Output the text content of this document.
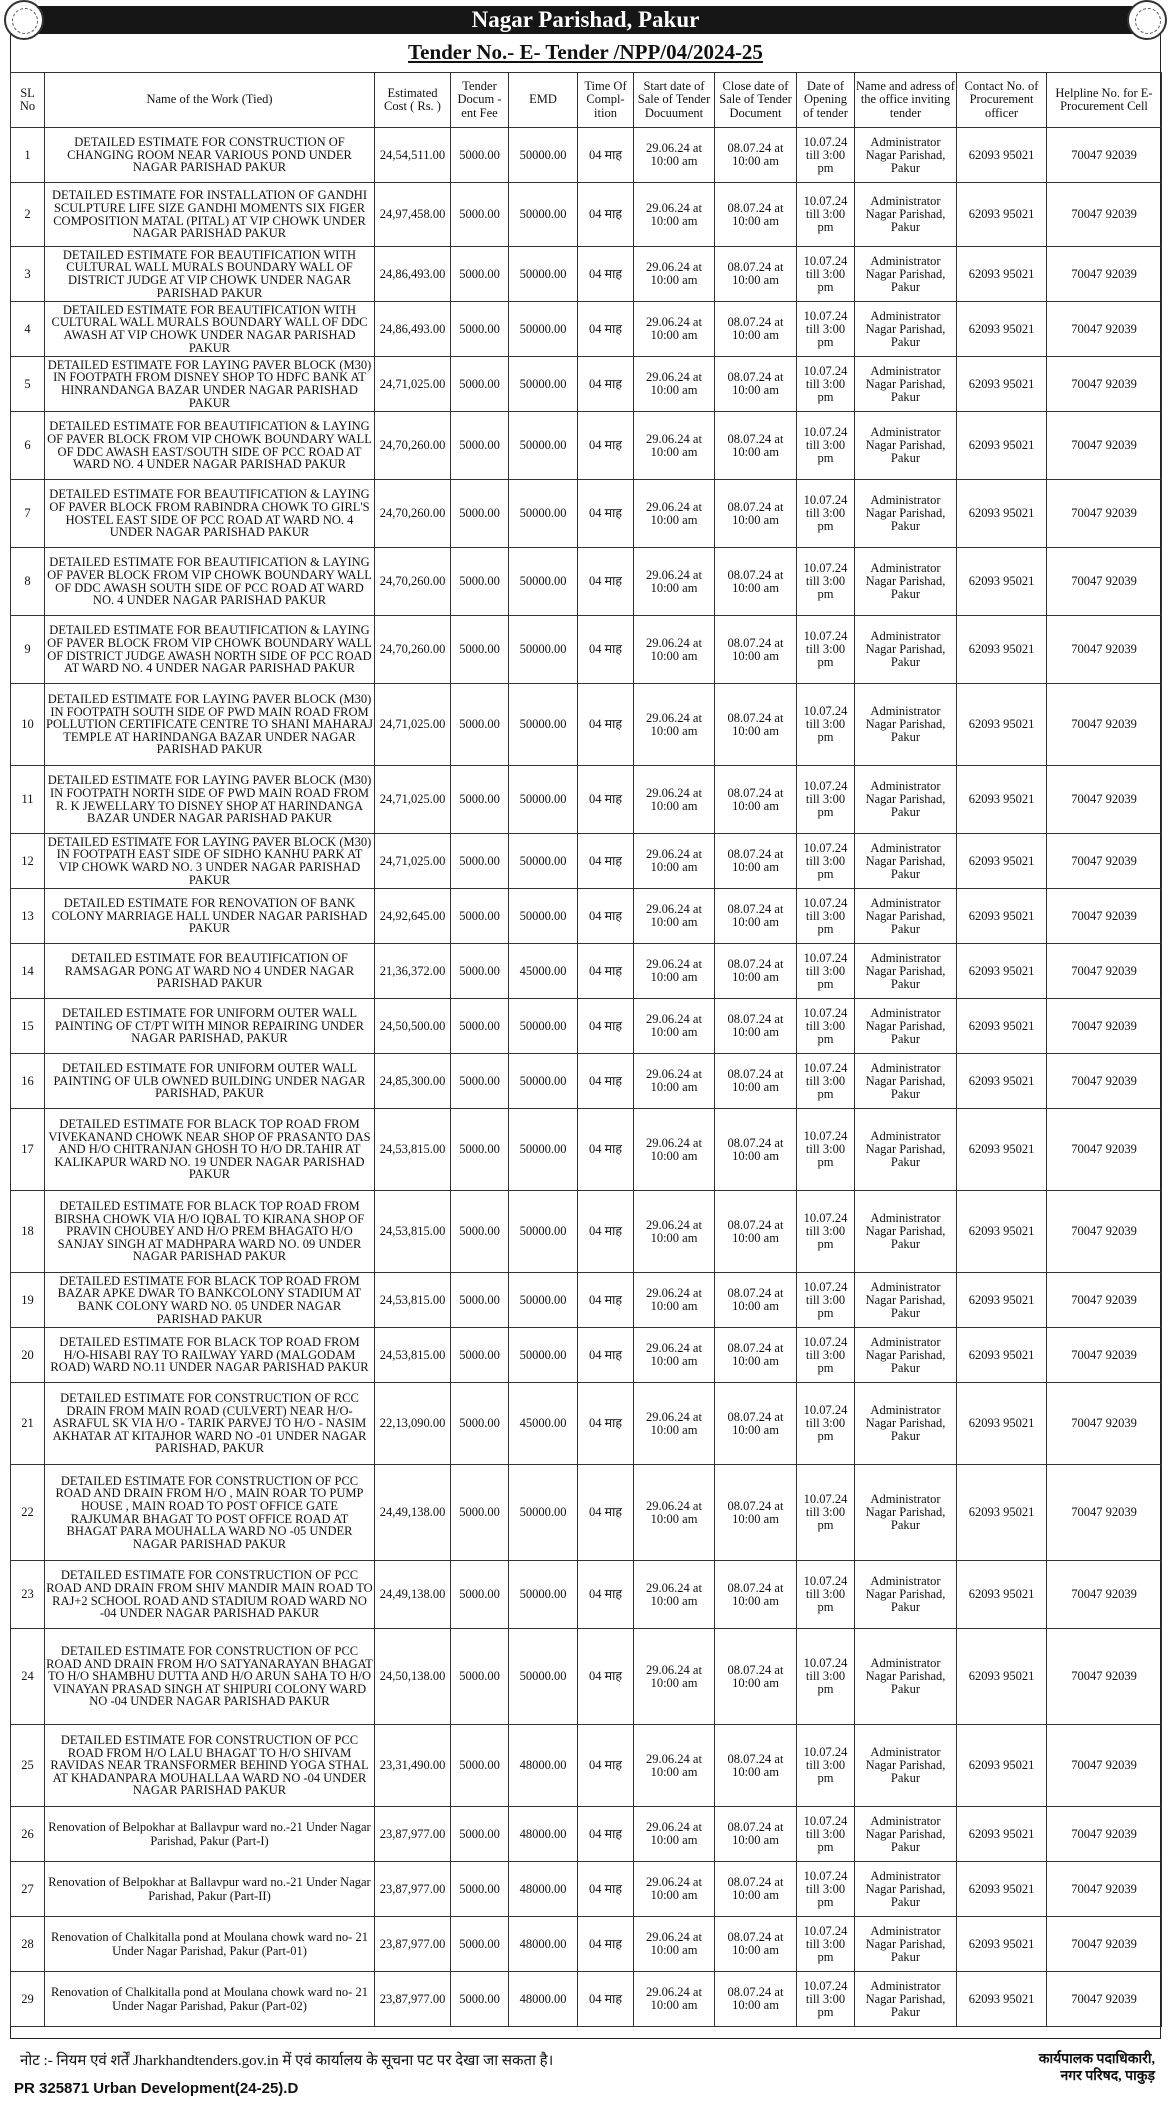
Nagar Parishad, Pakur
Tender No.- E- Tender /NPP/04/2024-25
SL No	Name of the Work (Tied)	Estimated Cost ( Rs. )	Tender Docum -ent Fee	EMD	Time Of Compl- ition	Start date of Sale of Tender Docuument	Close date of Sale of Tender Document	Date of Opening of tender	Name and adress of the office inviting tender	Contact No. of Procurement officer	Helpline No. for E- Procurement Cell
1	DETAILED ESTIMATE FOR CONSTRUCTION OF CHANGING ROOM NEAR VARIOUS POND UNDER NAGAR PARISHAD PAKUR	24,54,511.00	5000.00	50000.00	04 माह	29.06.24 at 10:00 am	08.07.24 at 10:00 am	10.07.24 till 3:00 pm	Administrator Nagar Parishad, Pakur	62093 95021	70047 92039
2	DETAILED ESTIMATE FOR INSTALLATION OF GANDHI SCULPTURE LIFE SIZE GANDHI MOMENTS SIX FIGER COMPOSITION MATAL (PITAL) AT VIP CHOWK UNDER NAGAR PARISHAD PAKUR	24,97,458.00	5000.00	50000.00	04 माह	29.06.24 at 10:00 am	08.07.24 at 10:00 am	10.07.24 till 3:00 pm	Administrator Nagar Parishad, Pakur	62093 95021	70047 92039
3	DETAILED ESTIMATE FOR BEAUTIFICATION WITH CULTURAL WALL MURALS BOUNDARY WALL OF DISTRICT JUDGE AT VIP CHOWK UNDER NAGAR PARISHAD PAKUR	24,86,493.00	5000.00	50000.00	04 माह	29.06.24 at 10:00 am	08.07.24 at 10:00 am	10.07.24 till 3:00 pm	Administrator Nagar Parishad, Pakur	62093 95021	70047 92039
4	DETAILED ESTIMATE FOR BEAUTIFICATION WITH CULTURAL WALL MURALS BOUNDARY WALL OF DDC AWASH AT VIP CHOWK UNDER NAGAR PARISHAD PAKUR	24,86,493.00	5000.00	50000.00	04 माह	29.06.24 at 10:00 am	08.07.24 at 10:00 am	10.07.24 till 3:00 pm	Administrator Nagar Parishad, Pakur	62093 95021	70047 92039
5	DETAILED ESTIMATE FOR LAYING PAVER BLOCK (M30) IN FOOTPATH FROM DISNEY SHOP TO HDFC BANK AT HINRANDANGA BAZAR UNDER NAGAR PARISHAD PAKUR	24,71,025.00	5000.00	50000.00	04 माह	29.06.24 at 10:00 am	08.07.24 at 10:00 am	10.07.24 till 3:00 pm	Administrator Nagar Parishad, Pakur	62093 95021	70047 92039
6	DETAILED ESTIMATE FOR BEAUTIFICATION & LAYING OF PAVER BLOCK FROM VIP CHOWK BOUNDARY WALL OF DDC AWASH EAST/SOUTH SIDE OF PCC ROAD AT WARD NO. 4 UNDER NAGAR PARISHAD PAKUR	24,70,260.00	5000.00	50000.00	04 माह	29.06.24 at 10:00 am	08.07.24 at 10:00 am	10.07.24 till 3:00 pm	Administrator Nagar Parishad, Pakur	62093 95021	70047 92039
7	DETAILED ESTIMATE FOR BEAUTIFICATION & LAYING OF PAVER BLOCK FROM RABINDRA CHOWK TO GIRL'S HOSTEL EAST SIDE OF PCC ROAD AT WARD NO. 4 UNDER NAGAR PARISHAD PAKUR	24,70,260.00	5000.00	50000.00	04 माह	29.06.24 at 10:00 am	08.07.24 at 10:00 am	10.07.24 till 3:00 pm	Administrator Nagar Parishad, Pakur	62093 95021	70047 92039
8	DETAILED ESTIMATE FOR BEAUTIFICATION & LAYING OF PAVER BLOCK FROM VIP CHOWK BOUNDARY WALL OF DDC AWASH SOUTH SIDE OF PCC ROAD AT WARD NO. 4 UNDER NAGAR PARISHAD PAKUR	24,70,260.00	5000.00	50000.00	04 माह	29.06.24 at 10:00 am	08.07.24 at 10:00 am	10.07.24 till 3:00 pm	Administrator Nagar Parishad, Pakur	62093 95021	70047 92039
9	DETAILED ESTIMATE FOR BEAUTIFICATION & LAYING OF PAVER BLOCK FROM VIP CHOWK BOUNDARY WALL OF DISTRICT JUDGE AWASH NORTH SIDE OF PCC ROAD AT WARD NO. 4 UNDER NAGAR PARISHAD PAKUR	24,70,260.00	5000.00	50000.00	04 माह	29.06.24 at 10:00 am	08.07.24 at 10:00 am	10.07.24 till 3:00 pm	Administrator Nagar Parishad, Pakur	62093 95021	70047 92039
10	DETAILED ESTIMATE FOR LAYING PAVER BLOCK (M30) IN FOOTPATH SOUTH SIDE OF PWD MAIN ROAD FROM POLLUTION CERTIFICATE CENTRE TO SHANI MAHARAJ TEMPLE AT HARINDANGA BAZAR UNDER NAGAR PARISHAD PAKUR	24,71,025.00	5000.00	50000.00	04 माह	29.06.24 at 10:00 am	08.07.24 at 10:00 am	10.07.24 till 3:00 pm	Administrator Nagar Parishad, Pakur	62093 95021	70047 92039
11	DETAILED ESTIMATE FOR LAYING PAVER BLOCK (M30) IN FOOTPATH NORTH SIDE OF PWD MAIN ROAD FROM R. K JEWELLARY TO DISNEY SHOP AT HARINDANGA BAZAR UNDER NAGAR PARISHAD PAKUR	24,71,025.00	5000.00	50000.00	04 माह	29.06.24 at 10:00 am	08.07.24 at 10:00 am	10.07.24 till 3:00 pm	Administrator Nagar Parishad, Pakur	62093 95021	70047 92039
12	DETAILED ESTIMATE FOR LAYING PAVER BLOCK (M30) IN FOOTPATH EAST SIDE OF SIDHO KANHU PARK AT VIP CHOWK WARD NO. 3 UNDER NAGAR PARISHAD PAKUR	24,71,025.00	5000.00	50000.00	04 माह	29.06.24 at 10:00 am	08.07.24 at 10:00 am	10.07.24 till 3:00 pm	Administrator Nagar Parishad, Pakur	62093 95021	70047 92039
13	DETAILED ESTIMATE FOR RENOVATION OF BANK COLONY MARRIAGE HALL UNDER NAGAR PARISHAD PAKUR	24,92,645.00	5000.00	50000.00	04 माह	29.06.24 at 10:00 am	08.07.24 at 10:00 am	10.07.24 till 3:00 pm	Administrator Nagar Parishad, Pakur	62093 95021	70047 92039
14	DETAILED ESTIMATE FOR BEAUTIFICATION OF RAMSAGAR PONG AT WARD NO 4 UNDER NAGAR PARISHAD PAKUR	21,36,372.00	5000.00	45000.00	04 माह	29.06.24 at 10:00 am	08.07.24 at 10:00 am	10.07.24 till 3:00 pm	Administrator Nagar Parishad, Pakur	62093 95021	70047 92039
15	DETAILED ESTIMATE FOR UNIFORM OUTER WALL PAINTING OF CT/PT WITH MINOR REPAIRING UNDER NAGAR PARISHAD, PAKUR	24,50,500.00	5000.00	50000.00	04 माह	29.06.24 at 10:00 am	08.07.24 at 10:00 am	10.07.24 till 3:00 pm	Administrator Nagar Parishad, Pakur	62093 95021	70047 92039
16	DETAILED ESTIMATE FOR UNIFORM OUTER WALL PAINTING OF ULB OWNED BUILDING UNDER NAGAR PARISHAD, PAKUR	24,85,300.00	5000.00	50000.00	04 माह	29.06.24 at 10:00 am	08.07.24 at 10:00 am	10.07.24 till 3:00 pm	Administrator Nagar Parishad, Pakur	62093 95021	70047 92039
17	DETAILED ESTIMATE FOR BLACK TOP ROAD FROM VIVEKANAND CHOWK NEAR SHOP OF PRASANTO DAS AND H/O CHITRANJAN GHOSH TO H/O DR.TAHIR AT KALIKAPUR WARD NO. 19 UNDER NAGAR PARISHAD PAKUR	24,53,815.00	5000.00	50000.00	04 माह	29.06.24 at 10:00 am	08.07.24 at 10:00 am	10.07.24 till 3:00 pm	Administrator Nagar Parishad, Pakur	62093 95021	70047 92039
18	DETAILED ESTIMATE FOR BLACK TOP ROAD FROM BIRSHA CHOWK VIA H/O IQBAL TO KIRANA SHOP OF PRAVIN CHOUBEY AND H/O PREM BHAGATO H/O SANJAY SINGH AT MADHPARA WARD NO. 09 UNDER NAGAR PARISHAD PAKUR	24,53,815.00	5000.00	50000.00	04 माह	29.06.24 at 10:00 am	08.07.24 at 10:00 am	10.07.24 till 3:00 pm	Administrator Nagar Parishad, Pakur	62093 95021	70047 92039
19	DETAILED ESTIMATE FOR BLACK TOP ROAD FROM BAZAR APKE DWAR TO BANKCOLONY STADIUM AT BANK COLONY WARD NO. 05 UNDER NAGAR PARISHAD PAKUR	24,53,815.00	5000.00	50000.00	04 माह	29.06.24 at 10:00 am	08.07.24 at 10:00 am	10.07.24 till 3:00 pm	Administrator Nagar Parishad, Pakur	62093 95021	70047 92039
20	DETAILED ESTIMATE FOR BLACK TOP ROAD FROM H/O-HISABI RAY TO RAILWAY YARD (MALGODAM ROAD) WARD NO.11 UNDER NAGAR PARISHAD PAKUR	24,53,815.00	5000.00	50000.00	04 माह	29.06.24 at 10:00 am	08.07.24 at 10:00 am	10.07.24 till 3:00 pm	Administrator Nagar Parishad, Pakur	62093 95021	70047 92039
21	DETAILED ESTIMATE FOR CONSTRUCTION OF RCC DRAIN FROM MAIN ROAD (CULVERT) NEAR H/O-ASRAFUL SK VIA H/O - TARIK PARVEJ TO H/O - NASIM AKHATAR AT KITAJHOR WARD NO -01 UNDER NAGAR PARISHAD, PAKUR	22,13,090.00	5000.00	45000.00	04 माह	29.06.24 at 10:00 am	08.07.24 at 10:00 am	10.07.24 till 3:00 pm	Administrator Nagar Parishad, Pakur	62093 95021	70047 92039
22	DETAILED ESTIMATE FOR CONSTRUCTION OF PCC ROAD AND DRAIN FROM H/O , MAIN ROAR TO PUMP HOUSE , MAIN ROAD TO POST OFFICE GATE RAJKUMAR BHAGAT TO POST OFFICE ROAD AT BHAGAT PARA MOUHALLA WARD NO -05 UNDER NAGAR PARISHAD PAKUR	24,49,138.00	5000.00	50000.00	04 माह	29.06.24 at 10:00 am	08.07.24 at 10:00 am	10.07.24 till 3:00 pm	Administrator Nagar Parishad, Pakur	62093 95021	70047 92039
23	DETAILED ESTIMATE FOR CONSTRUCTION OF PCC ROAD AND DRAIN FROM SHIV MANDIR MAIN ROAD TO RAJ+2 SCHOOL ROAD AND STADIUM ROAD WARD NO -04 UNDER NAGAR PARISHAD PAKUR	24,49,138.00	5000.00	50000.00	04 माह	29.06.24 at 10:00 am	08.07.24 at 10:00 am	10.07.24 till 3:00 pm	Administrator Nagar Parishad, Pakur	62093 95021	70047 92039
24	DETAILED ESTIMATE FOR CONSTRUCTION OF PCC ROAD AND DRAIN FROM H/O SATYANARAYAN BHAGAT TO H/O SHAMBHU DUTTA AND H/O ARUN SAHA TO H/O VINAYAN PRASAD SINGH AT SHIPURI COLONY WARD NO -04 UNDER NAGAR PARISHAD PAKUR	24,50,138.00	5000.00	50000.00	04 माह	29.06.24 at 10:00 am	08.07.24 at 10:00 am	10.07.24 till 3:00 pm	Administrator Nagar Parishad, Pakur	62093 95021	70047 92039
25	DETAILED ESTIMATE FOR CONSTRUCTION OF PCC ROAD FROM H/O LALU BHAGAT TO H/O SHIVAM RAVIDAS NEAR TRANSFORMER BEHIND YOGA STHAL AT KHADANPARA MOUHALLAA WARD NO -04 UNDER NAGAR PARISHAD PAKUR	23,31,490.00	5000.00	48000.00	04 माह	29.06.24 at 10:00 am	08.07.24 at 10:00 am	10.07.24 till 3:00 pm	Administrator Nagar Parishad, Pakur	62093 95021	70047 92039
26	Renovation of Belpokhar at Ballavpur ward no.-21 Under Nagar Parishad, Pakur (Part-I)	23,87,977.00	5000.00	48000.00	04 माह	29.06.24 at 10:00 am	08.07.24 at 10:00 am	10.07.24 till 3:00 pm	Administrator Nagar Parishad, Pakur	62093 95021	70047 92039
27	Renovation of Belpokhar at Ballavpur ward no.-21 Under Nagar Parishad, Pakur (Part-II)	23,87,977.00	5000.00	48000.00	04 माह	29.06.24 at 10:00 am	08.07.24 at 10:00 am	10.07.24 till 3:00 pm	Administrator Nagar Parishad, Pakur	62093 95021	70047 92039
28	Renovation of Chalkitalla pond at Moulana chowk ward no- 21 Under Nagar Parishad, Pakur (Part-01)	23,87,977.00	5000.00	48000.00	04 माह	29.06.24 at 10:00 am	08.07.24 at 10:00 am	10.07.24 till 3:00 pm	Administrator Nagar Parishad, Pakur	62093 95021	70047 92039
29	Renovation of Chalkitalla pond at Moulana chowk ward no- 21 Under Nagar Parishad, Pakur (Part-02)	23,87,977.00	5000.00	48000.00	04 माह	29.06.24 at 10:00 am	08.07.24 at 10:00 am	10.07.24 till 3:00 pm	Administrator Nagar Parishad, Pakur	62093 95021	70047 92039
नोट :- नियम एवं शर्तें Jharkhandtenders.gov.in में एवं कार्यालय के सूचना पट पर देखा जा सकता है।	कार्यपालक पदाधिकारी,
नगर परिषद, पाकुड़
PR 325871 Urban Development(24-25).D
